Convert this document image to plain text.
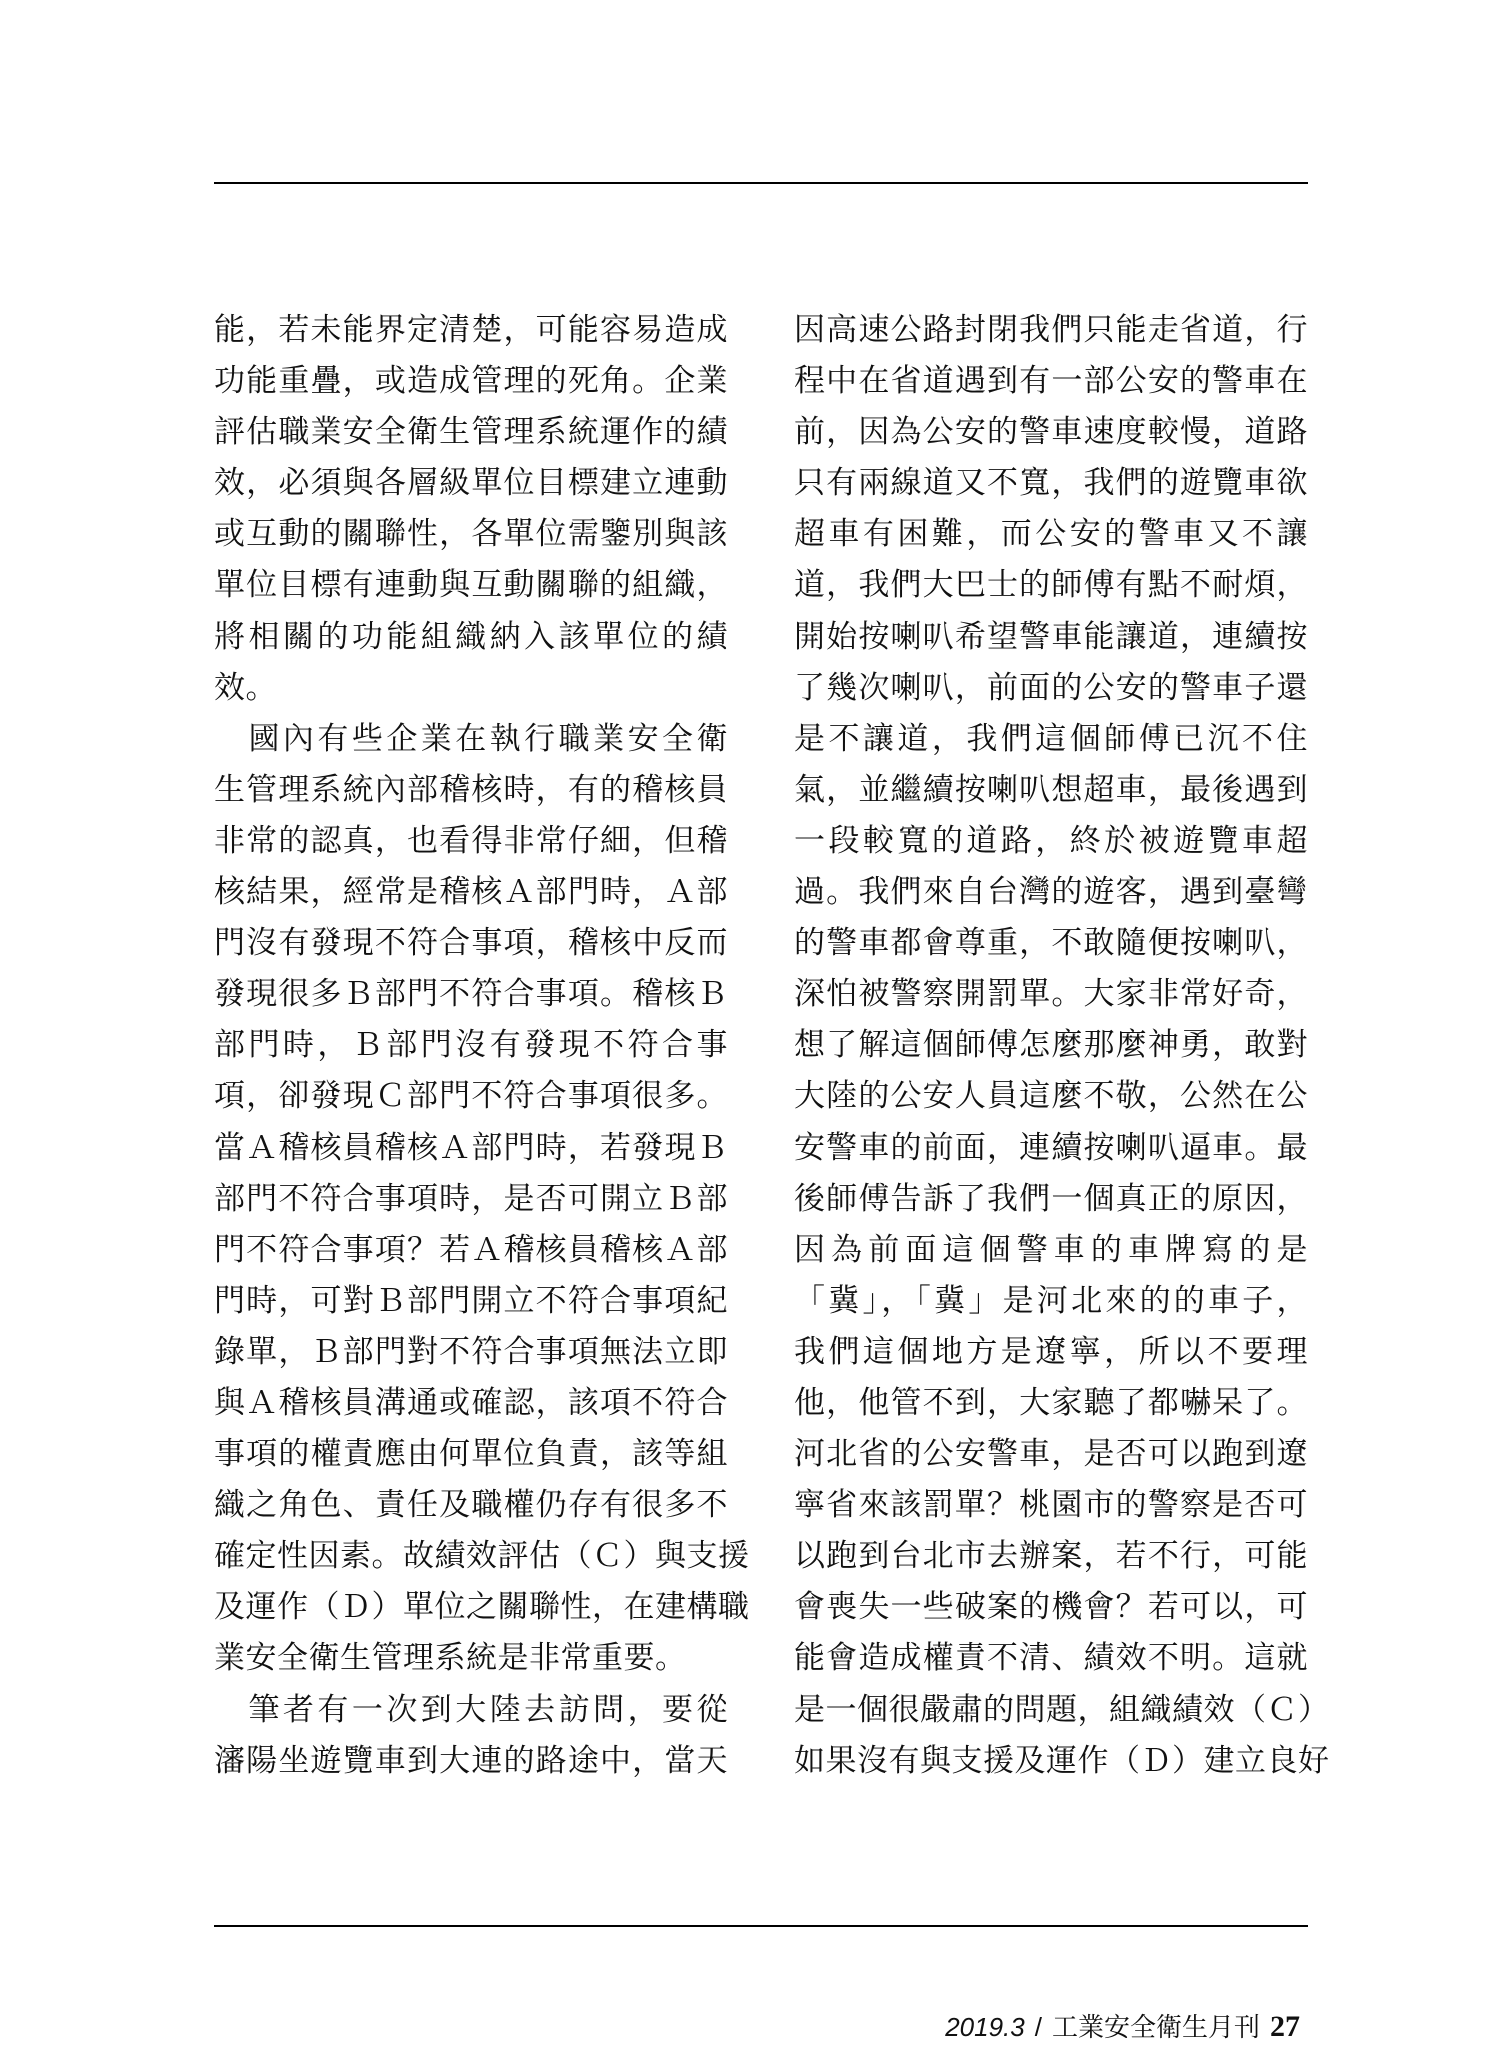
能，若未能界定清楚，可能容易造成
功能重疊，或造成管理的死角。企業
評估職業安全衛生管理系統運作的績
效，必須與各層級單位目標建立連動
或互動的關聯性，各單位需鑒別與該
單位目標有連動與互動關聯的組織，
將相關的功能組織納入該單位的績
效。
　國內有些企業在執行職業安全衛
生管理系統內部稽核時，有的稽核員
非常的認真，也看得非常仔細，但稽
核結果，經常是稽核Ａ部門時，Ａ部
門沒有發現不符合事項，稽核中反而
發現很多Ｂ部門不符合事項。稽核Ｂ
部門時，Ｂ部門沒有發現不符合事
項，卻發現Ｃ部門不符合事項很多。
當Ａ稽核員稽核Ａ部門時，若發現Ｂ
部門不符合事項時，是否可開立Ｂ部
門不符合事項？若Ａ稽核員稽核Ａ部
門時，可對Ｂ部門開立不符合事項紀
錄單，Ｂ部門對不符合事項無法立即
與Ａ稽核員溝通或確認，該項不符合
事項的權責應由何單位負責，該等組
織之角色、責任及職權仍存有很多不
確定性因素。故績效評估（Ｃ）與支援
及運作（Ｄ）單位之關聯性，在建構職
業安全衛生管理系統是非常重要。
　筆者有一次到大陸去訪問，要從
瀋陽坐遊覽車到大連的路途中，當天
因高速公路封閉我們只能走省道，行
程中在省道遇到有一部公安的警車在
前，因為公安的警車速度較慢，道路
只有兩線道又不寬，我們的遊覽車欲
超車有困難，而公安的警車又不讓
道，我們大巴士的師傅有點不耐煩，
開始按喇叭希望警車能讓道，連續按
了幾次喇叭，前面的公安的警車子還
是不讓道，我們這個師傅已沉不住
氣，並繼續按喇叭想超車，最後遇到
一段較寬的道路，終於被遊覽車超
過。我們來自台灣的遊客，遇到臺彎
的警車都會尊重，不敢隨便按喇叭，
深怕被警察開罰單。大家非常好奇，
想了解這個師傅怎麼那麼神勇，敢對
大陸的公安人員這麼不敬，公然在公
安警車的前面，連續按喇叭逼車。最
後師傅告訴了我們一個真正的原因，
因為前面這個警車的車牌寫的是
「冀」，「冀」是河北來的的車子，
我們這個地方是遼寧，所以不要理
他，他管不到，大家聽了都嚇呆了。
河北省的公安警車，是否可以跑到遼
寧省來該罰單？桃園市的警察是否可
以跑到台北市去辦案，若不行，可能
會喪失一些破案的機會？若可以，可
能會造成權責不清、績效不明。這就
是一個很嚴肅的問題，組織績效（Ｃ）
如果沒有與支援及運作（Ｄ）建立良好
2019.3 / 工業安全衛生月刊 27
